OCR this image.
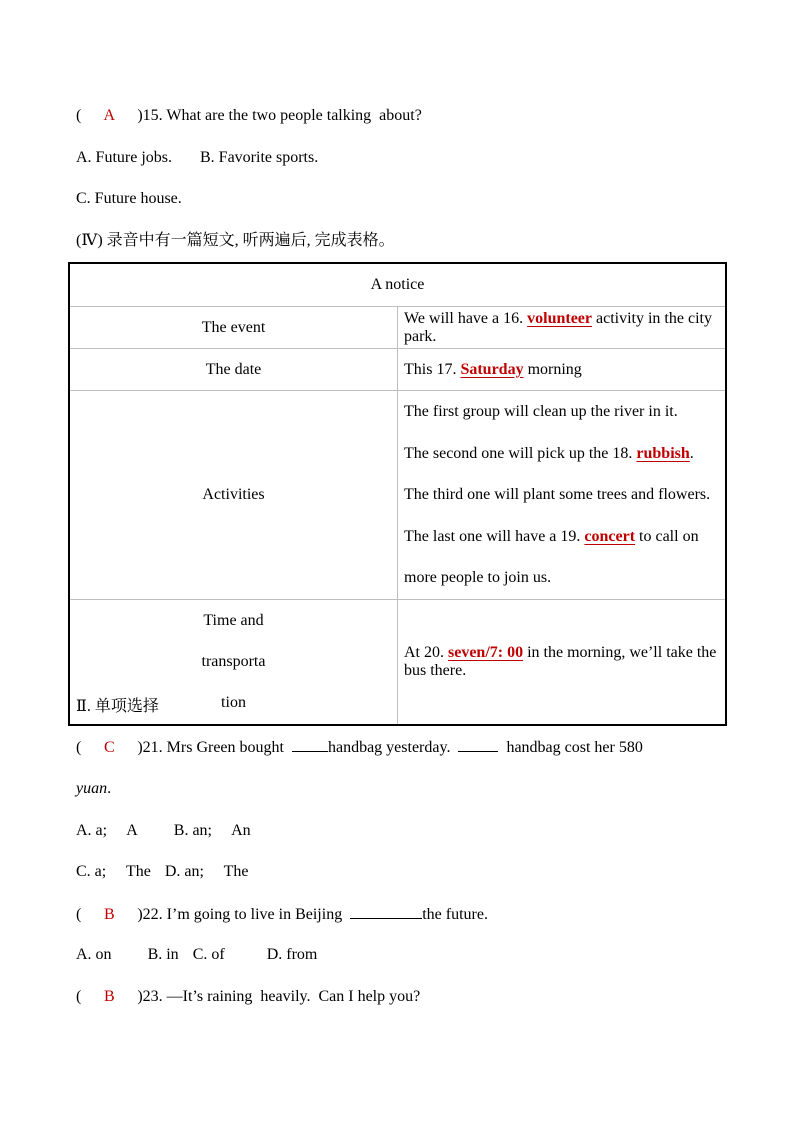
( A )15. What are the two people talking  about?
A. Future jobs. B. Favorite sports.
C. Future house.
(Ⅳ) 录音中有一篇短文, 听两遍后, 完成表格。
A notice	
The event	We will have a 16. volunteer activity in the city park.
The date	This 17. Saturday morning
Activities	The first group will clean up the river in it.
The second one will pick up the 18. rubbish.
The third one will plant some trees and flowers.
The last one will have a 19. concert to call on more people to join us.

Time and
transporta
tion	At 20. seven/7: 00 in the morning, we’ll take the bus there.
Ⅱ. 单项选择
( C )21. Mrs Green bought  handbag yesterday.	handbag cost her 580
yuan.
A. a;     A B. an;     An
C. a;     The D. an;     The
( B )22. I’m going to live in Beijing	the future.
A. on B. in C. of	D. from
( B )23. —It’s raining  heavily.  Can I help you?
